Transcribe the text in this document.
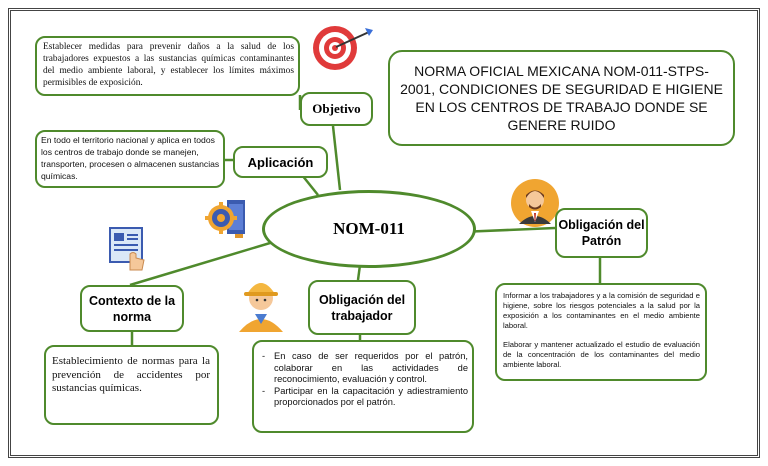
Establecer medidas para prevenir daños a la salud de los trabajadores expuestos a las sustancias químicas contaminantes del medio ambiente laboral, y establecer los límites máximos permisibles de exposición.
Objetivo
NORMA OFICIAL MEXICANA NOM-011-STPS-2001, CONDICIONES DE SEGURIDAD E HIGIENE EN LOS CENTROS DE TRABAJO DONDE SE GENERE RUIDO
En todo el territorio nacional y aplica en todos los centros de trabajo donde se manejen, transporten, procesen o almacenen sustancias químicas.
Aplicación
NOM-011	Obligación del Patrón
Contexto de la norma
Obligación del trabajador
Informar a los trabajadores y a la comisión de seguridad e higiene, sobre los riesgos potenciales a la salud por la exposición a los contaminantes en el medio ambiente laboral.
Elaborar y mantener actualizado el estudio de evaluación de la concentración de los contaminantes del medio ambiente laboral.
Establecimiento de normas para la prevención de accidentes por sustancias químicas.
- En caso de ser requeridos por el patrón, colaborar en las actividades de reconocimiento, evaluación y control.
- Participar en la capacitación y adiestramiento proporcionados por el patrón.
